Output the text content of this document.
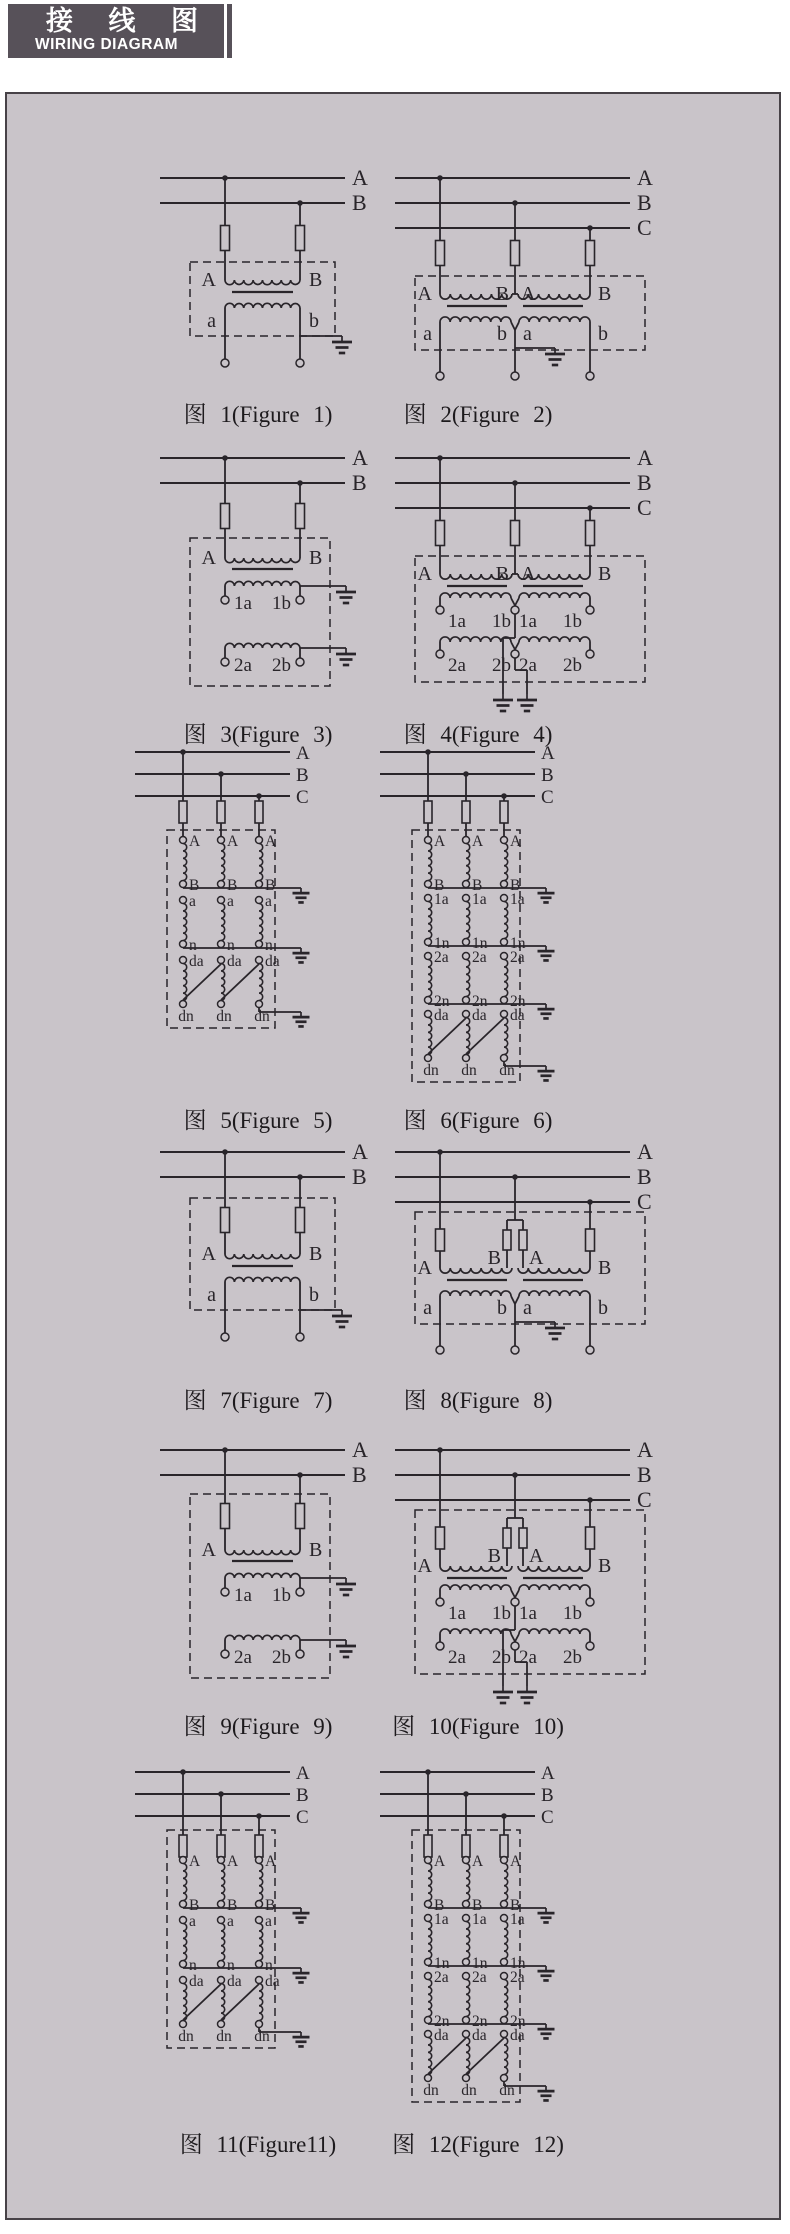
接 线 图
WIRING DIAGRAM
A
B
A	B
a	b
图 1(Figure 1)
A
B
C
B A
A	B
a	b a	b
图 2(Figure 2)
A
B
A	B
1a 1b
2a 2b
图 3(Figure 3)
A
B
C
B A
A	B
1a 1b 1a 1b
2a 2b 2a 2b
图 4(Figure 4)
A
B
C
A
B
A
B
A
B
a
n
a
n
a
n
da
dn
da
dn
da
dn
图 5(Figure 5)
A
B
C
A
B
A
B
A
B
1a
1n
1a
1n
1a
1n
2a
2n
2a
2n
2a
2n
da
dn
da
dn
da
dn
图 6(Figure 6)
A
B
A	B
a	b
图 7(Figure 7)
A
B
C
B A
A	B
a	b a	b
图 8(Figure 8)
A
B
A	B
1a 1b
2a 2b
图 9(Figure 9)
A
B
C
B A
A	B
1a 1b 1a 1b
2a 2b 2a 2b
图 10(Figure 10)
A
B
C
A
B
A
B
A
B
a
n
a
n
a
n
da
dn
da
dn
da
dn
图 11(Figure11)
A
B
C
A
B
A
B
A
B
1a
1n
1a
1n
1a
1n
2a
2n
2a
2n
2a
2n
da
dn
da
dn
da
dn
图 12(Figure 12)
